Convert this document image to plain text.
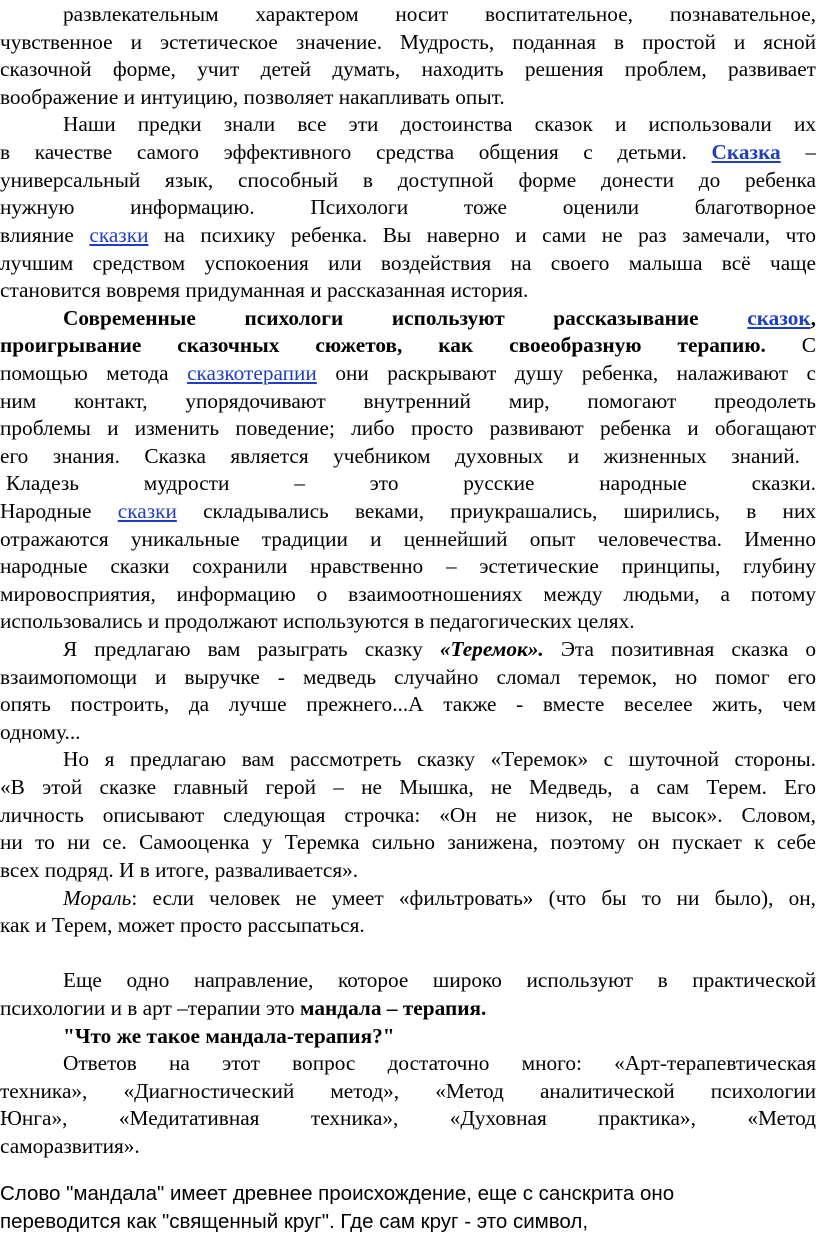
развлекательным характером носит воспитательное, познавательное,
чувственное и эстетическое значение. Мудрость, поданная в простой и ясной
сказочной форме, учит детей думать, находить решения проблем, развивает
воображение и интуицию, позволяет накапливать опыт.
Наши предки знали все эти достоинства сказок и использовали их
в качестве самого эффективного средства общения с детьми. Сказка –
универсальный язык, способный в доступной форме донести до ребенка
нужную информацию. Психологи тоже оценили благотворное
влияние сказки на психику ребенка. Вы наверно и сами не раз замечали, что
лучшим средством успокоения или воздействия на своего малыша всё чаще
становится вовремя придуманная и рассказанная история.
Современные психологи используют рассказывание сказок,
проигрывание сказочных сюжетов, как своеобразную терапию. С
помощью метода сказкотерапии они раскрывают душу ребенка, налаживают с
ним контакт, упорядочивают внутренний мир, помогают преодолеть
проблемы и изменить поведение; либо просто развивают ребенка и обогащают
его знания. Сказка является учебником духовных и жизненных знаний.
Кладезь мудрости – это русские народные сказки.
Народные сказки складывались веками, приукрашались, ширились, в них
отражаются уникальные традиции и ценнейший опыт человечества. Именно
народные сказки сохранили нравственно – эстетические принципы, глубину
мировосприятия, информацию о взаимоотношениях между людьми, а потому
использовались и продолжают используются в педагогических целях.
Я предлагаю вам разыграть сказку «Теремок». Эта позитивная сказка о
взаимопомощи и выручке - медведь случайно сломал теремок, но помог его
опять построить, да лучше прежнего...А также - вместе веселее жить, чем
одному...
Но я предлагаю вам рассмотреть сказку «Теремок» с шуточной стороны.
«В этой сказке главный герой – не Мышка, не Медведь, а сам Терем. Его
личность описывают следующая строчка: «Он не низок, не высок». Словом,
ни то ни се. Самооценка у Теремка сильно занижена, поэтому он пускает к себе
всех подряд. И в итоге, разваливается».
Мораль: если человек не умеет «фильтровать» (что бы то ни было), он,
как и Терем, может просто рассыпаться.
Еще одно направление, которое широко используют в практической
психологии и в арт –терапии это мандала – терапия.
"Что же такое мандала-терапия?"
Ответов на этот вопрос достаточно много: «Арт-терапевтическая
техника», «Диагностический метод», «Метод аналитической психологии
Юнга», «Медитативная техника», «Духовная практика», «Метод
саморазвития».
Слово "мандала" имеет древнее происхождение, еще с санскрита оно
переводится как "священный круг". Где сам круг - это символ,
